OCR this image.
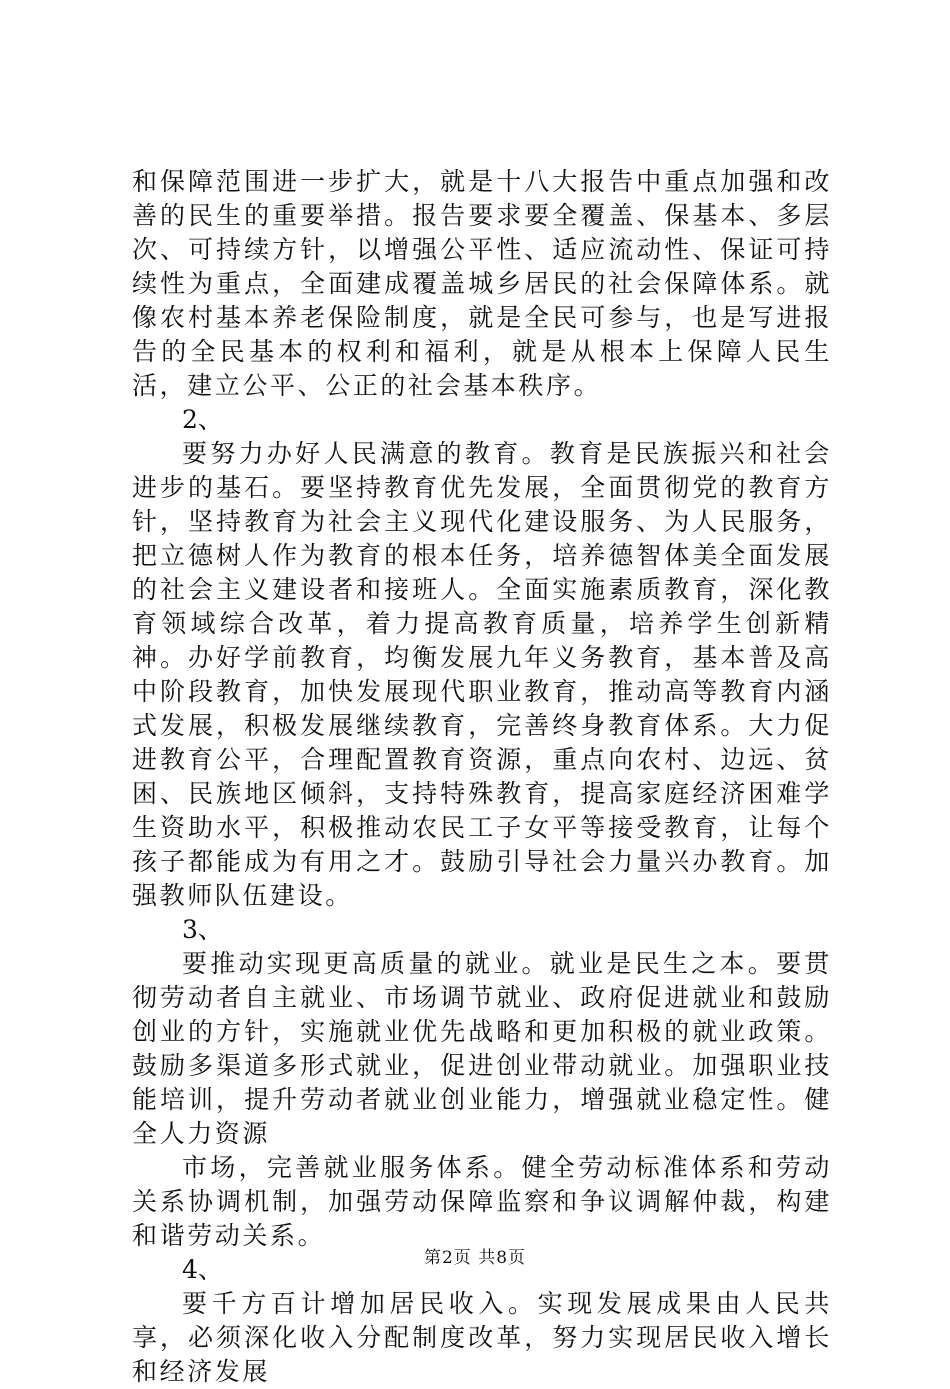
和保障范围进一步扩大，就是十八大报告中重点加强和改善的民生的重要举措。报告要求要全覆盖、保基本、多层次、可持续方针，以增强公平性、适应流动性、保证可持续性为重点，全面建成覆盖城乡居民的社会保障体系。就像农村基本养老保险制度，就是全民可参与，也是写进报告的全民基本的权利和福利，就是从根本上保障人民生活，建立公平、公正的社会基本秩序。

2、

要努力办好人民满意的教育。教育是民族振兴和社会进步的基石。要坚持教育优先发展，全面贯彻党的教育方针，坚持教育为社会主义现代化建设服务、为人民服务，把立德树人作为教育的根本任务，培养德智体美全面发展的社会主义建设者和接班人。全面实施素质教育，深化教育领域综合改革，着力提高教育质量，培养学生创新精神。办好学前教育，均衡发展九年义务教育，基本普及高中阶段教育，加快发展现代职业教育，推动高等教育内涵式发展，积极发展继续教育，完善终身教育体系。大力促进教育公平，合理配置教育资源，重点向农村、边远、贫困、民族地区倾斜，支持特殊教育，提高家庭经济困难学生资助水平，积极推动农民工子女平等接受教育，让每个孩子都能成为有用之才。鼓励引导社会力量兴办教育。加强教师队伍建设。

3、

要推动实现更高质量的就业。就业是民生之本。要贯彻劳动者自主就业、市场调节就业、政府促进就业和鼓励创业的方针，实施就业优先战略和更加积极的就业政策。鼓励多渠道多形式就业，促进创业带动就业。加强职业技能培训，提升劳动者就业创业能力，增强就业稳定性。健全人力资源

市场，完善就业服务体系。健全劳动标准体系和劳动关系协调机制，加强劳动保障监察和争议调解仲裁，构建和谐劳动关系。

4、

要千方百计增加居民收入。实现发展成果由人民共享，必须深化收入分配制度改革，努力实现居民收入增长和经济发展

第2页 共8页
